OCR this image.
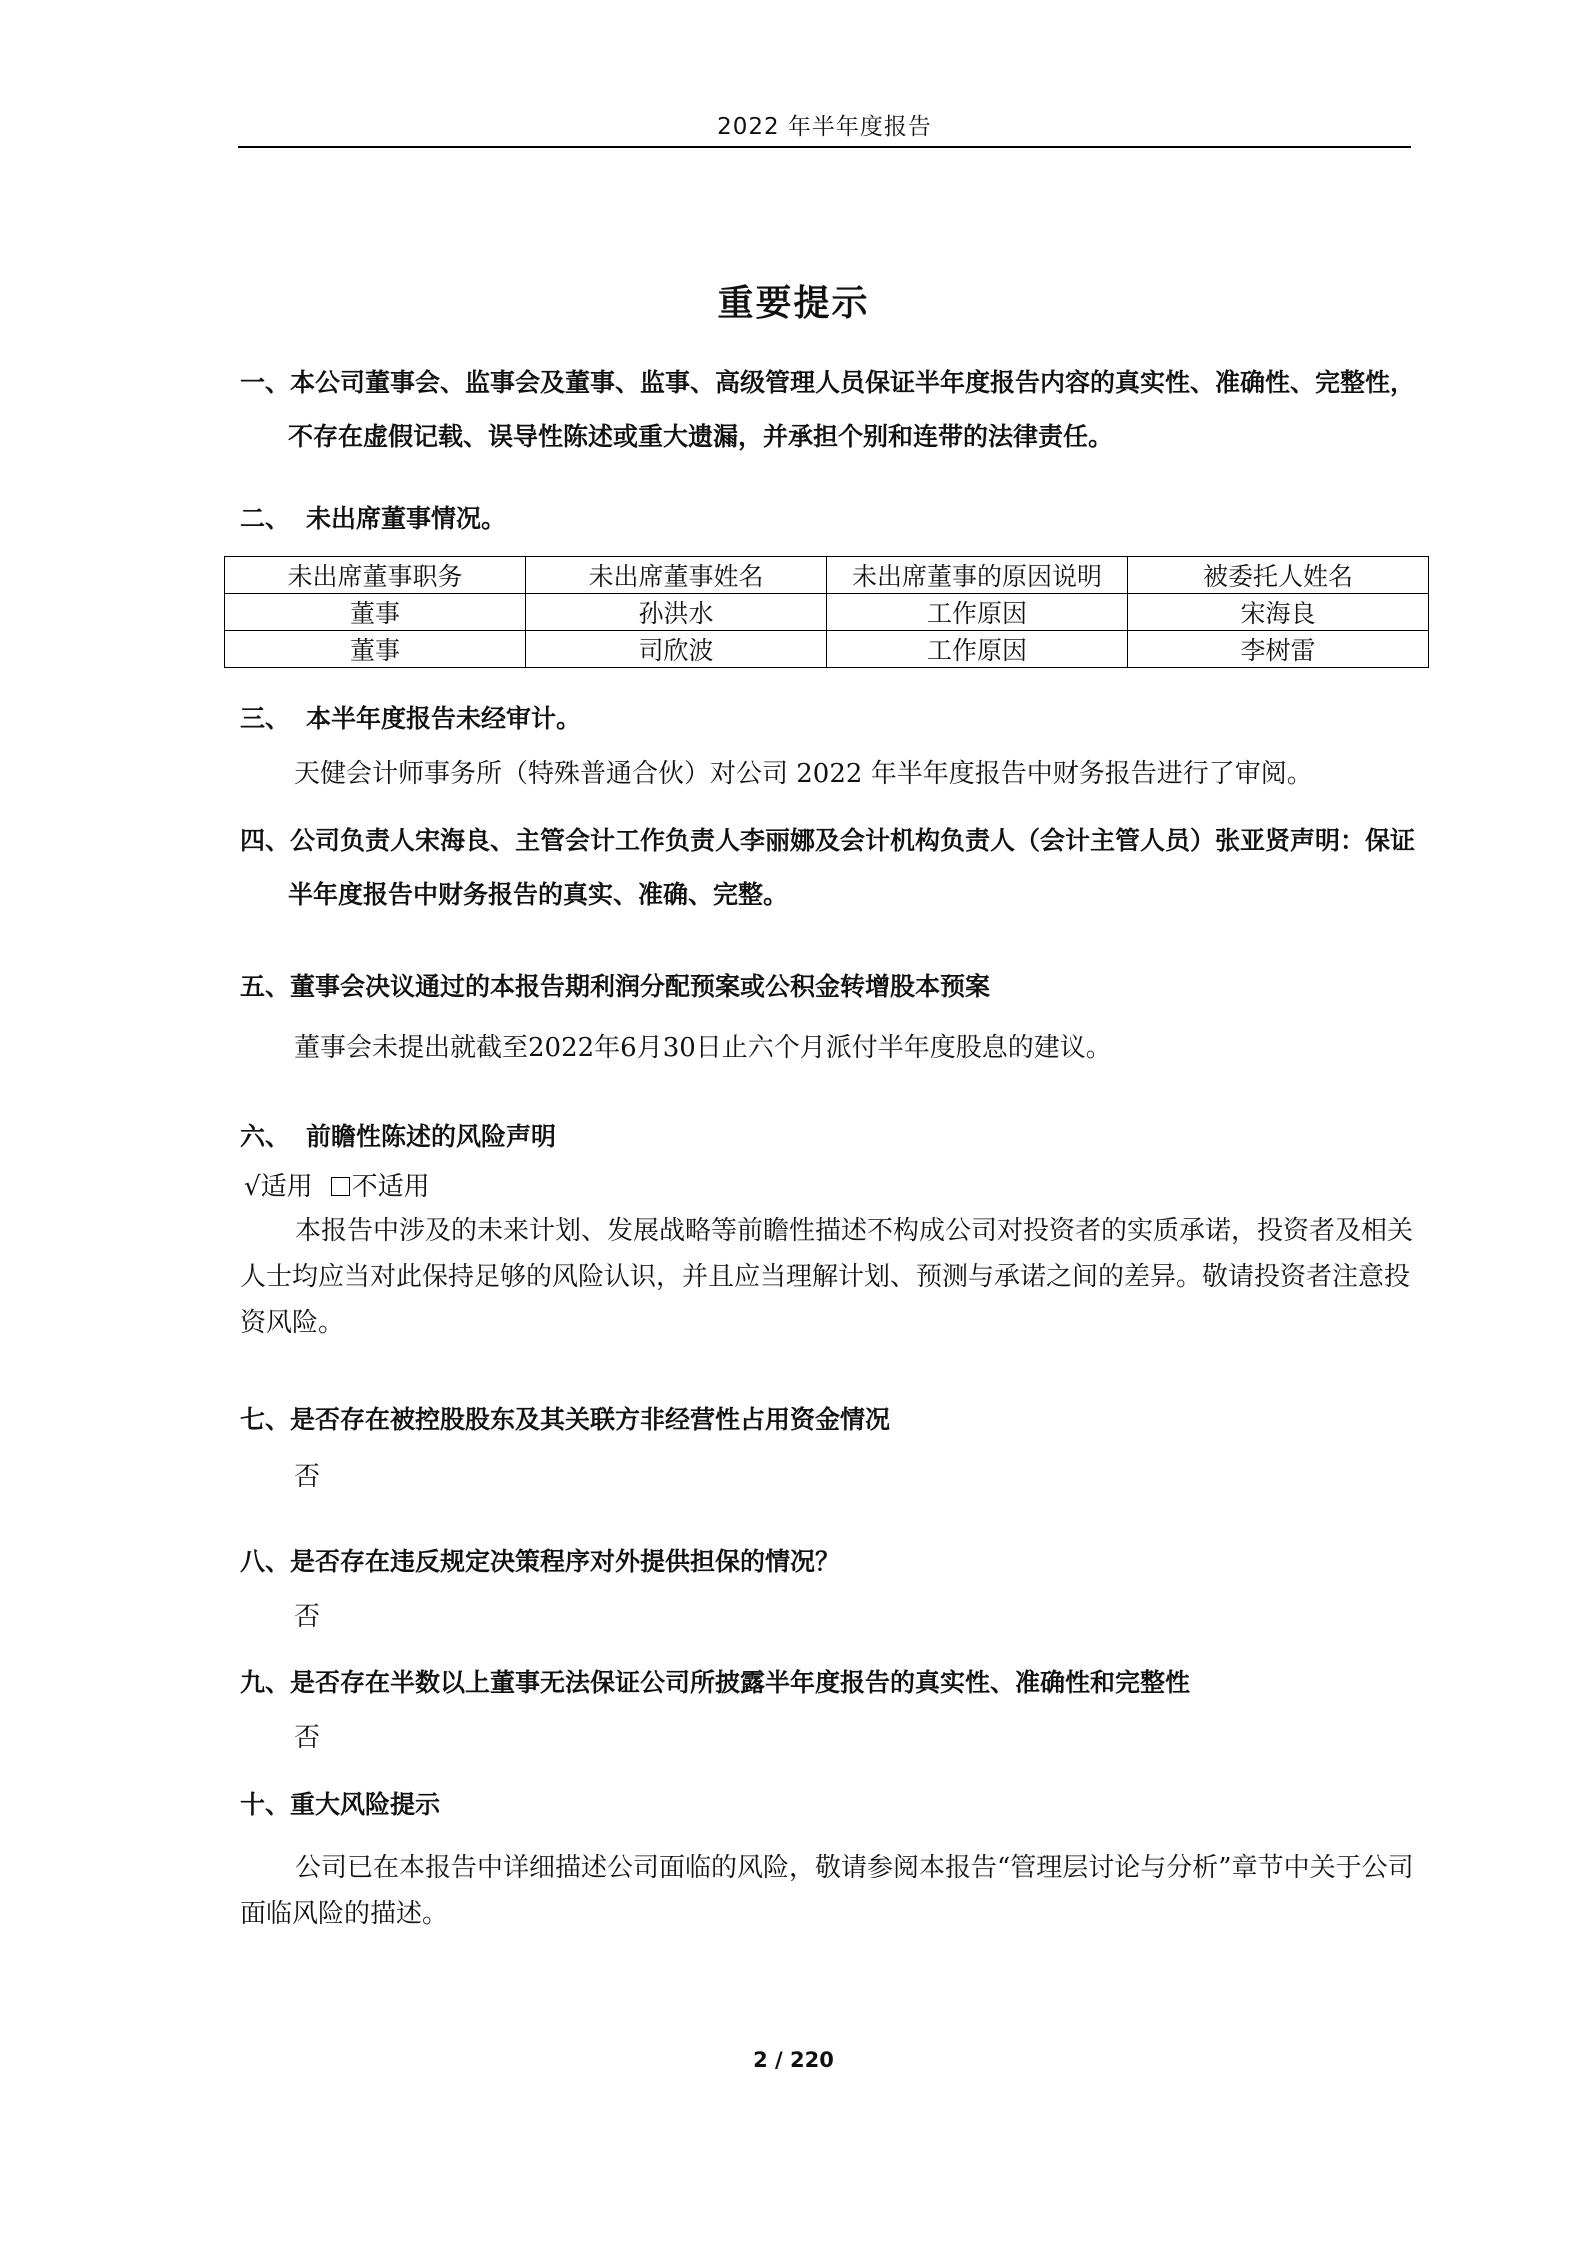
2022 年半年度报告
重要提示
一、本公司董事会、监事会及董事、监事、高级管理人员保证半年度报告内容的真实性、准确性、完整性，不存在虚假记载、误导性陈述或重大遗漏，并承担个别和连带的法律责任。
二、 未出席董事情况。
未出席董事职务	未出席董事姓名	未出席董事的原因说明	被委托人姓名
董事	孙洪水	工作原因	宋海良
董事	司欣波	工作原因	李树雷
三、 本半年度报告未经审计。
天健会计师事务所（特殊普通合伙）对公司 2022 年半年度报告中财务报告进行了审阅。
四、公司负责人宋海良、主管会计工作负责人李丽娜及会计机构负责人（会计主管人员）张亚贤声明：保证半年度报告中财务报告的真实、准确、完整。
五、董事会决议通过的本报告期利润分配预案或公积金转增股本预案
董事会未提出就截至2022年6月30日止六个月派付半年度股息的建议。
六、 前瞻性陈述的风险声明
√适用 不适用
本报告中涉及的未来计划、发展战略等前瞻性描述不构成公司对投资者的实质承诺，投资者及相关人士均应当对此保持足够的风险认识，并且应当理解计划、预测与承诺之间的差异。敬请投资者注意投资风险。
七、是否存在被控股股东及其关联方非经营性占用资金情况
否
八、是否存在违反规定决策程序对外提供担保的情况？
否
九、是否存在半数以上董事无法保证公司所披露半年度报告的真实性、准确性和完整性
否
十、重大风险提示
公司已在本报告中详细描述公司面临的风险，敬请参阅本报告“管理层讨论与分析”章节中关于公司面临风险的描述。
2 / 220
